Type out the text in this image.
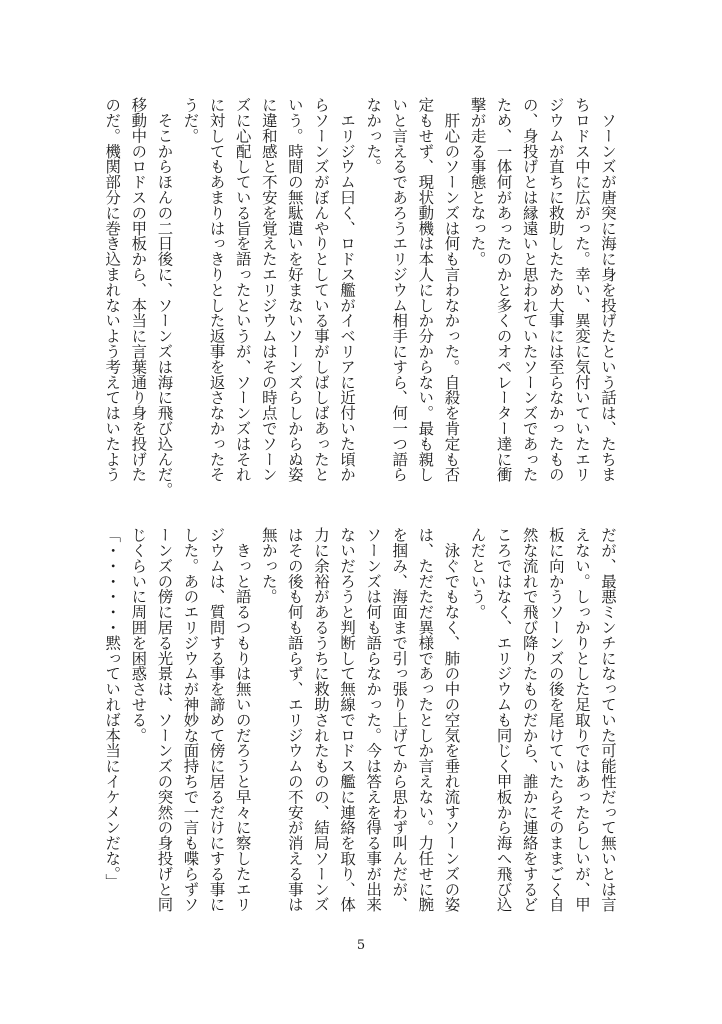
　ソーンズが唐突に海に身を投げたという話は、たちま
ちロドス中に広がった。幸い、異変に気付いていたエリ
ジウムが直ちに救助したため大事には至らなかったもの
の、身投げとは縁遠いと思われていたソーンズであった
ため、一体何があったのかと多くのオペレーター達に衝
撃が走る事態となった。
　肝心のソーンズは何も言わなかった。自殺を肯定も否
定もせず、現状動機は本人にしか分からない。最も親し
いと言えるであろうエリジウム相手にすら、何一つ語ら
なかった。
　エリジウム曰く、ロドス艦がイベリアに近付いた頃か
らソーンズがぼんやりとしている事がしばしばあったと
いう。時間の無駄遣いを好まないソーンズらしからぬ姿
に違和感と不安を覚えたエリジウムはその時点でソーン
ズに心配している旨を語ったというが、ソーンズはそれ
に対してもあまりはっきりとした返事を返さなかったそ
うだ。
　そこからほんの二日後に、ソーンズは海に飛び込んだ。
移動中のロドスの甲板から、本当に言葉通り身を投げた
のだ。機関部分に巻き込まれないよう考えてはいたよう
だが、最悪ミンチになっていた可能性だって無いとは言
えない。しっかりとした足取りではあったらしいが、甲
板に向かうソーンズの後を尾けていたらそのままごく自
然な流れで飛び降りたものだから、誰かに連絡をするど
ころではなく、エリジウムも同じく甲板から海へ飛び込
んだという。
　泳ぐでもなく、肺の中の空気を垂れ流すソーンズの姿
は、ただただ異様であったとしか言えない。力任せに腕
を掴み、海面まで引っ張り上げてから思わず叫んだが、
ソーンズは何も語らなかった。今は答えを得る事が出来
ないだろうと判断して無線でロドス艦に連絡を取り、体
力に余裕があるうちに救助されたものの、結局ソーンズ
はその後も何も語らず、エリジウムの不安が消える事は
無かった。
　きっと語るつもりは無いのだろうと早々に察したエリ
ジウムは、質問する事を諦めて傍に居るだけにする事に
した。あのエリジウムが神妙な面持ちで一言も喋らずソ
ーンズの傍に居る光景は、ソーンズの突然の身投げと同
じくらいに周囲を困惑させる。
「・・・・・・黙っていれば本当にイケメンだな。」
5
